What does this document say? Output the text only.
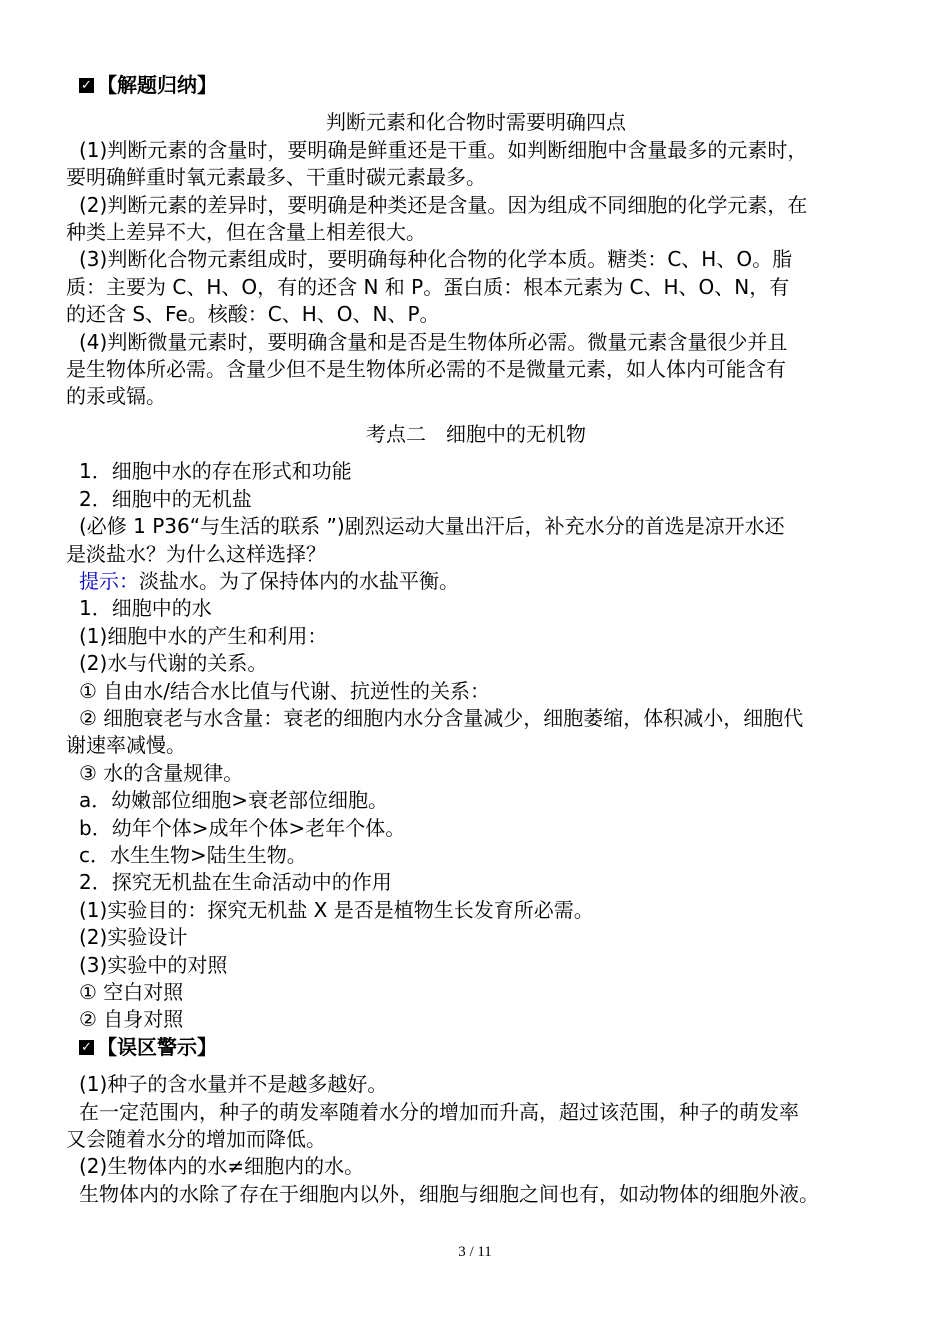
✓ 【解题归纳】
判断元素和化合物时需要明确四点
(1)判断元素的含量时，要明确是鲜重还是干重。如判断细胞中含量最多的元素时，
要明确鲜重时氧元素最多、干重时碳元素最多。
(2)判断元素的差异时，要明确是种类还是含量。因为组成不同细胞的化学元素，在
种类上差异不大，但在含量上相差很大。
(3)判断化合物元素组成时，要明确每种化合物的化学本质。糖类：C、H、O。脂
质：主要为 C、H、O，有的还含 N 和 P。蛋白质：根本元素为 C、H、O、N，有
的还含 S、Fe。核酸：C、H、O、N、P。
(4)判断微量元素时，要明确含量和是否是生物体所必需。微量元素含量很少并且
是生物体所必需。含量少但不是生物体所必需的不是微量元素，如人体内可能含有
的汞或镉。
考点二　细胞中的无机物
1．细胞中水的存在形式和功能
2．细胞中的无机盐
(必修 1 P36“与生活的联系 ”)剧烈运动大量出汗后，补充水分的首选是凉开水还
是淡盐水？为什么这样选择？
提示：淡盐水。为了保持体内的水盐平衡。
1．细胞中的水
(1)细胞中水的产生和利用：
(2)水与代谢的关系。
① 自由水/结合水比值与代谢、抗逆性的关系：
② 细胞衰老与水含量：衰老的细胞内水分含量减少，细胞萎缩，体积减小，细胞代
谢速率减慢。
③ 水的含量规律。
a．幼嫩部位细胞>衰老部位细胞。
b．幼年个体>成年个体>老年个体。
c．水生生物>陆生生物。
2．探究无机盐在生命活动中的作用
(1)实验目的：探究无机盐 X 是否是植物生长发育所必需。
(2)实验设计
(3)实验中的对照
① 空白对照
② 自身对照
✓ 【误区警示】
(1)种子的含水量并不是越多越好。
在一定范围内，种子的萌发率随着水分的增加而升高，超过该范围，种子的萌发率
又会随着水分的增加而降低。
(2)生物体内的水≠细胞内的水。
生物体内的水除了存在于细胞内以外，细胞与细胞之间也有，如动物体的细胞外液。
3 / 11
